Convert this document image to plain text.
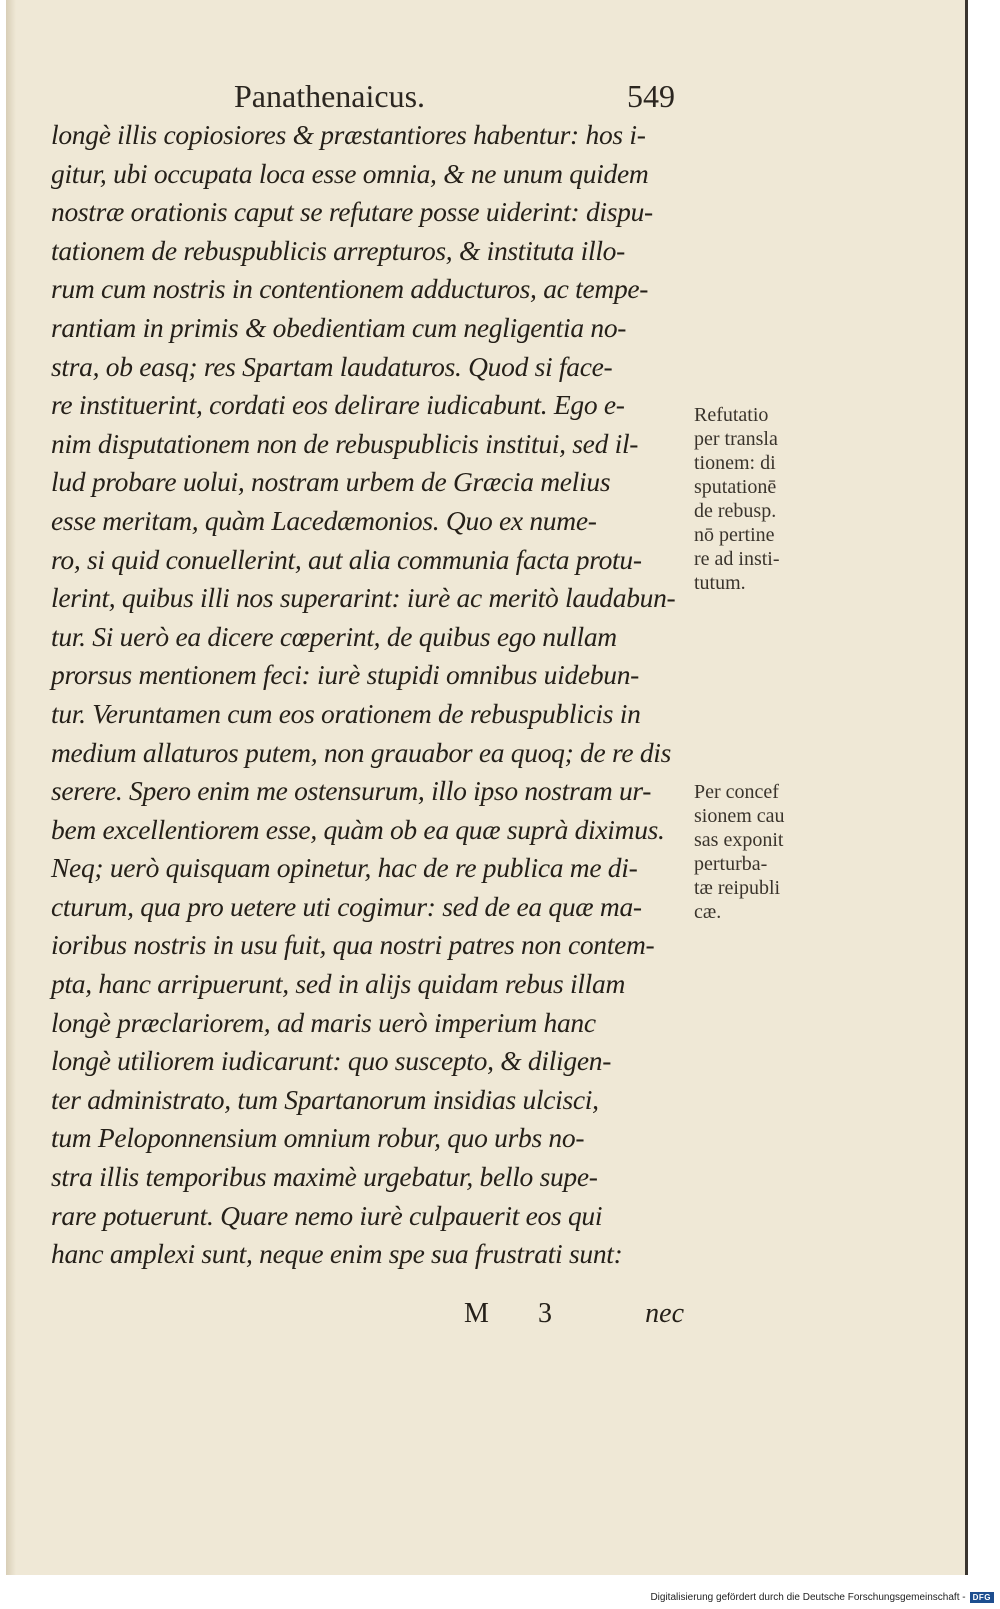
Panathenaicus.	549
longè illis copiosiores & præstantiores habentur: hos i-
gitur, ubi occupata loca esse omnia, & ne unum quidem
nostræ orationis caput se refutare posse uiderint: dispu-
tationem de rebuspublicis arrepturos, & instituta illo-
rum cum nostris in contentionem adducturos, ac tempe-
rantiam in primis & obedientiam cum negligentia no-
stra, ob easq; res Spartam laudaturos. Quod si face-
re instituerint, cordati eos delirare iudicabunt. Ego e-
nim disputationem non de rebuspublicis institui, sed il-
lud probare uolui, nostram urbem de Græcia melius
esse meritam, quàm Lacedæmonios. Quo ex nume-
ro, si quid conuellerint, aut alia communia facta protu-
lerint, quibus illi nos superarint: iurè ac meritò laudabun-
tur. Si uerò ea dicere cœperint, de quibus ego nullam
prorsus mentionem feci: iurè stupidi omnibus uidebun-
tur. Veruntamen cum eos orationem de rebuspublicis in
medium allaturos putem, non grauabor ea quoq; de re dis
serere. Spero enim me ostensurum, illo ipso nostram ur-
bem excellentiorem esse, quàm ob ea quæ suprà diximus.
Neq; uerò quisquam opinetur, hac de re publica me di-
cturum, qua pro uetere uti cogimur: sed de ea quæ ma-
ioribus nostris in usu fuit, qua nostri patres non contem-
pta, hanc arripuerunt, sed in alijs quidam rebus illam
longè præclariorem, ad maris uerò imperium hanc
longè utiliorem iudicarunt: quo suscepto, & diligen-
ter administrato, tum Spartanorum insidias ulcisci,
tum Peloponnensium omnium robur, quo urbs no-
stra illis temporibus maximè urgebatur, bello supe-
rare potuerunt. Quare nemo iurè culpauerit eos qui
hanc amplexi sunt, neque enim spe sua frustrati sunt:
Refutatio
per transla
tionem: di
sputationē
de rebusp.
nō pertine
re ad insti-
tutum.
Per concef
sionem cau
sas exponit
perturba-
tæ reipubli
cæ.
M 3	nec
Digitalisierung gefördert durch die Deutsche Forschungsgemeinschaft - DFG
